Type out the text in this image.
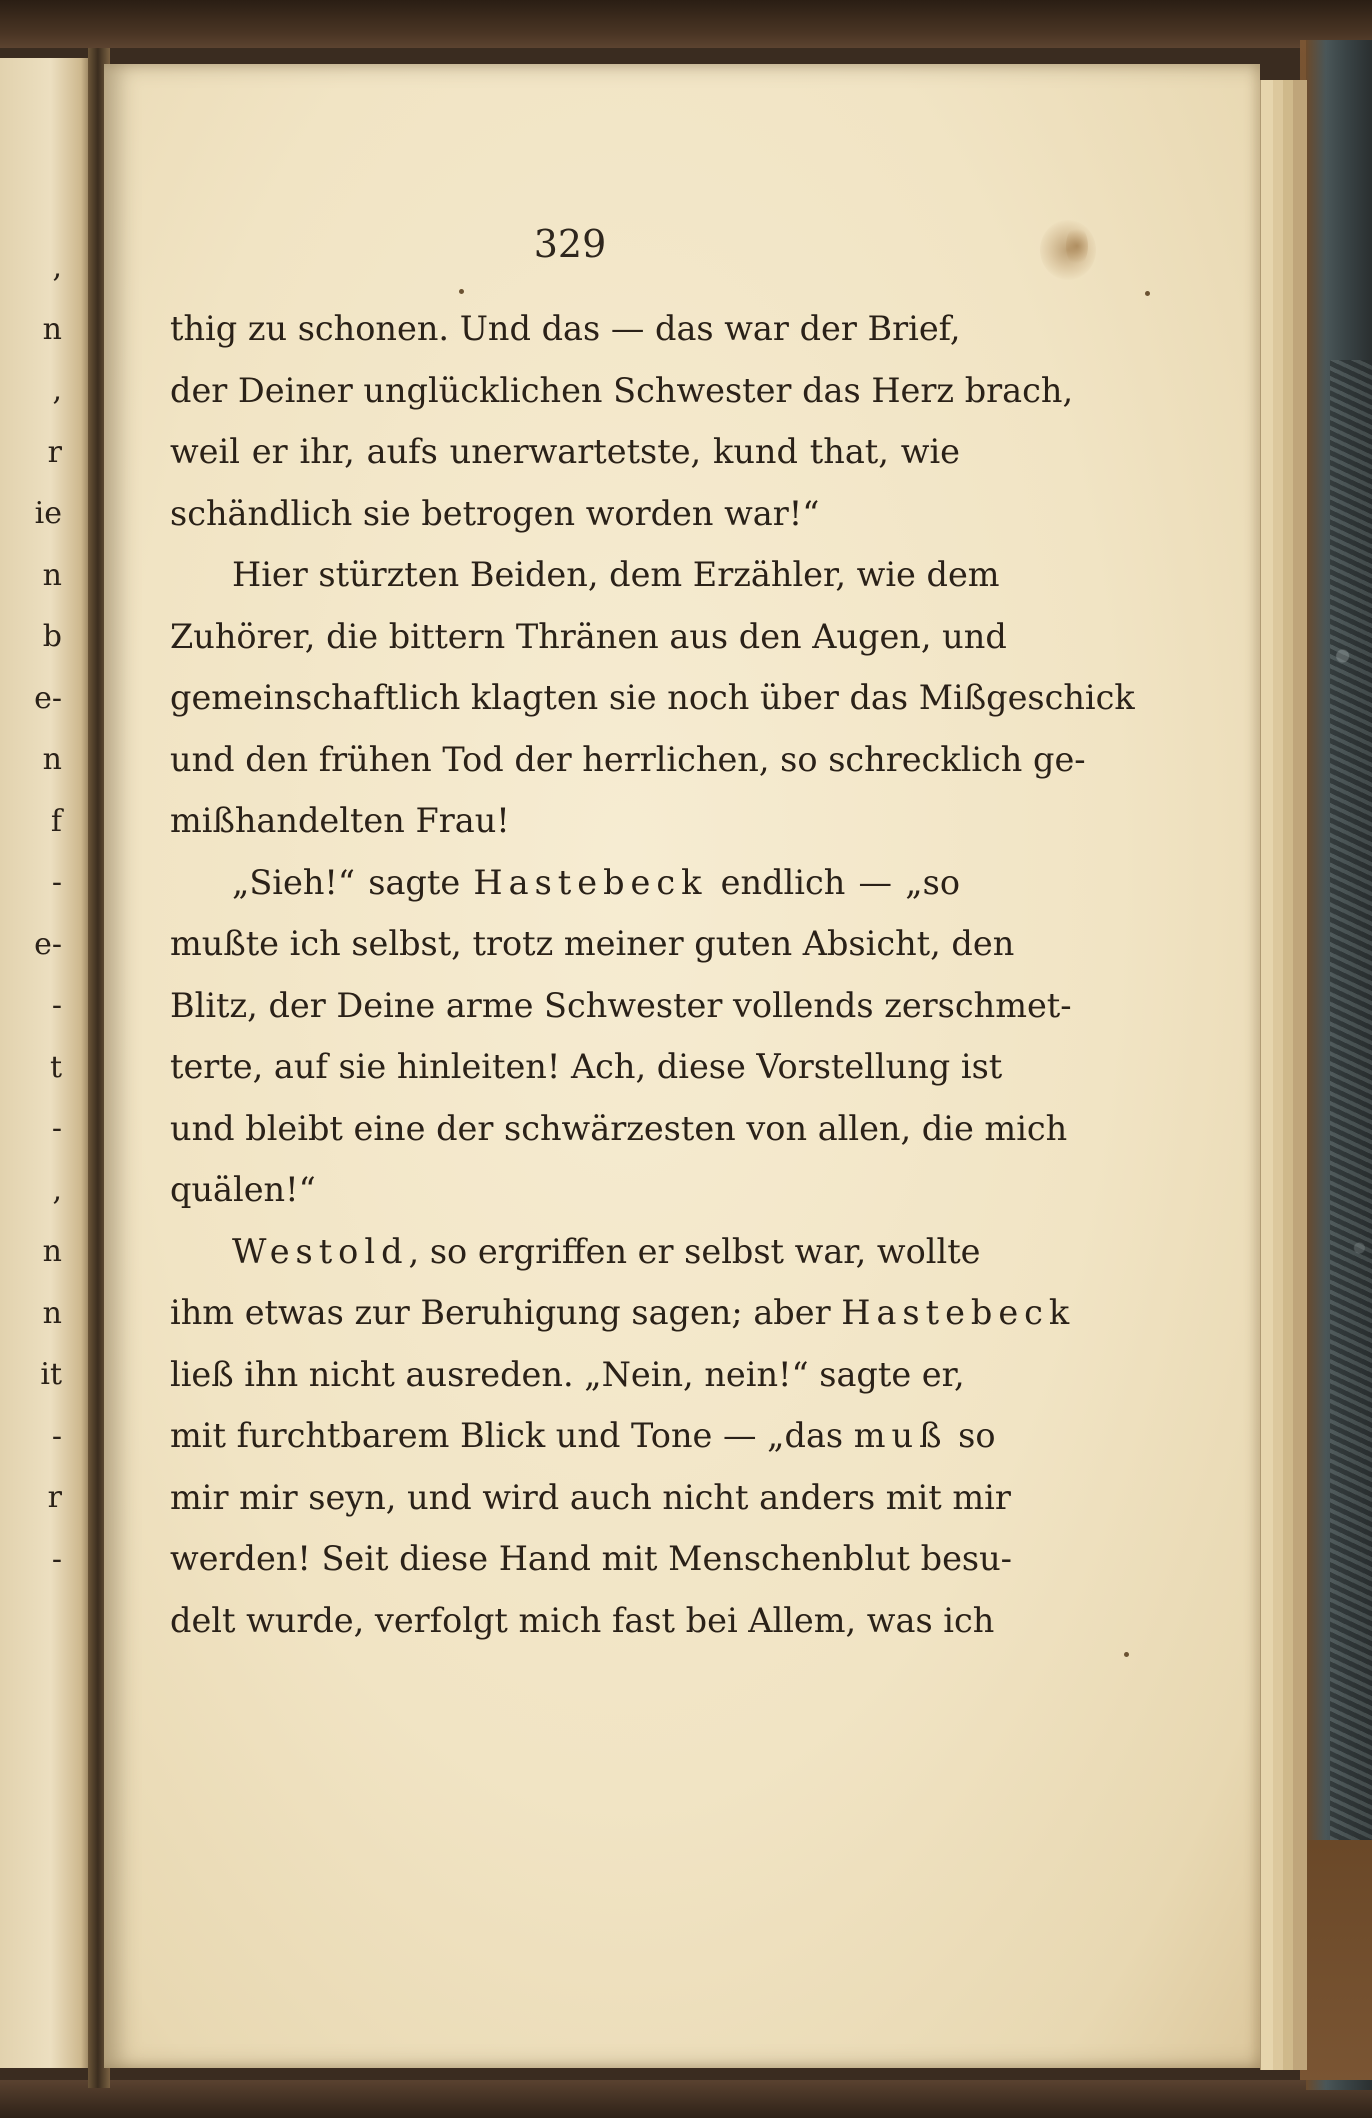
,
n
,
r
ie
n
b
e-
n
f
-
e-
-
t
-
,
n
n
it
-
r
-
329
thig zu schonen. Und das — das war der Brief,
der Deiner unglücklichen Schwester das Herz brach,
weil er ihr, aufs unerwartetste, kund that, wie
schändlich sie betrogen worden war!“
Hier stürzten Beiden, dem Erzähler, wie dem
Zuhörer, die bittern Thränen aus den Augen, und
gemeinschaftlich klagten sie noch über das Mißgeschick
und den frühen Tod der herrlichen, so schrecklich ge-
mißhandelten Frau!
„Sieh!“ sagte Hastebeck endlich — „so
mußte ich selbst, trotz meiner guten Absicht, den
Blitz, der Deine arme Schwester vollends zerschmet-
terte, auf sie hinleiten! Ach, diese Vorstellung ist
und bleibt eine der schwärzesten von allen, die mich
quälen!“
Westold, so ergriffen er selbst war, wollte
ihm etwas zur Beruhigung sagen; aber Hastebeck
ließ ihn nicht ausreden. „Nein, nein!“ sagte er,
mit furchtbarem Blick und Tone — „das muß so
mir mir seyn, und wird auch nicht anders mit mir
werden! Seit diese Hand mit Menschenblut besu-
delt wurde, verfolgt mich fast bei Allem, was ich
